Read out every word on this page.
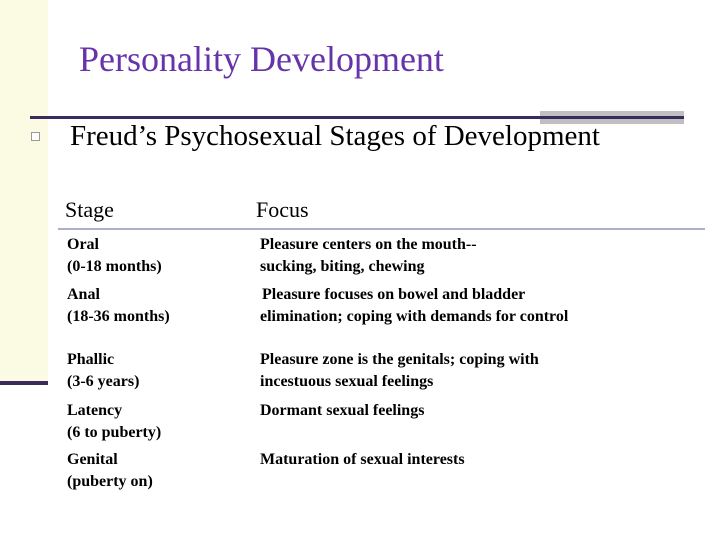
Personality Development
Freud’s Psychosexual Stages of Development
Stage	Focus
Oral
(0-18 months)
Pleasure centers on the mouth--
sucking, biting, chewing
Anal
(18-36 months)
Pleasure focuses on bowel and bladder
elimination; coping with demands for control
Phallic
(3-6 years)
Pleasure zone is the genitals; coping with
incestuous sexual feelings
Latency
(6 to puberty)
Dormant sexual feelings
Genital
(puberty on)
Maturation of sexual interests
